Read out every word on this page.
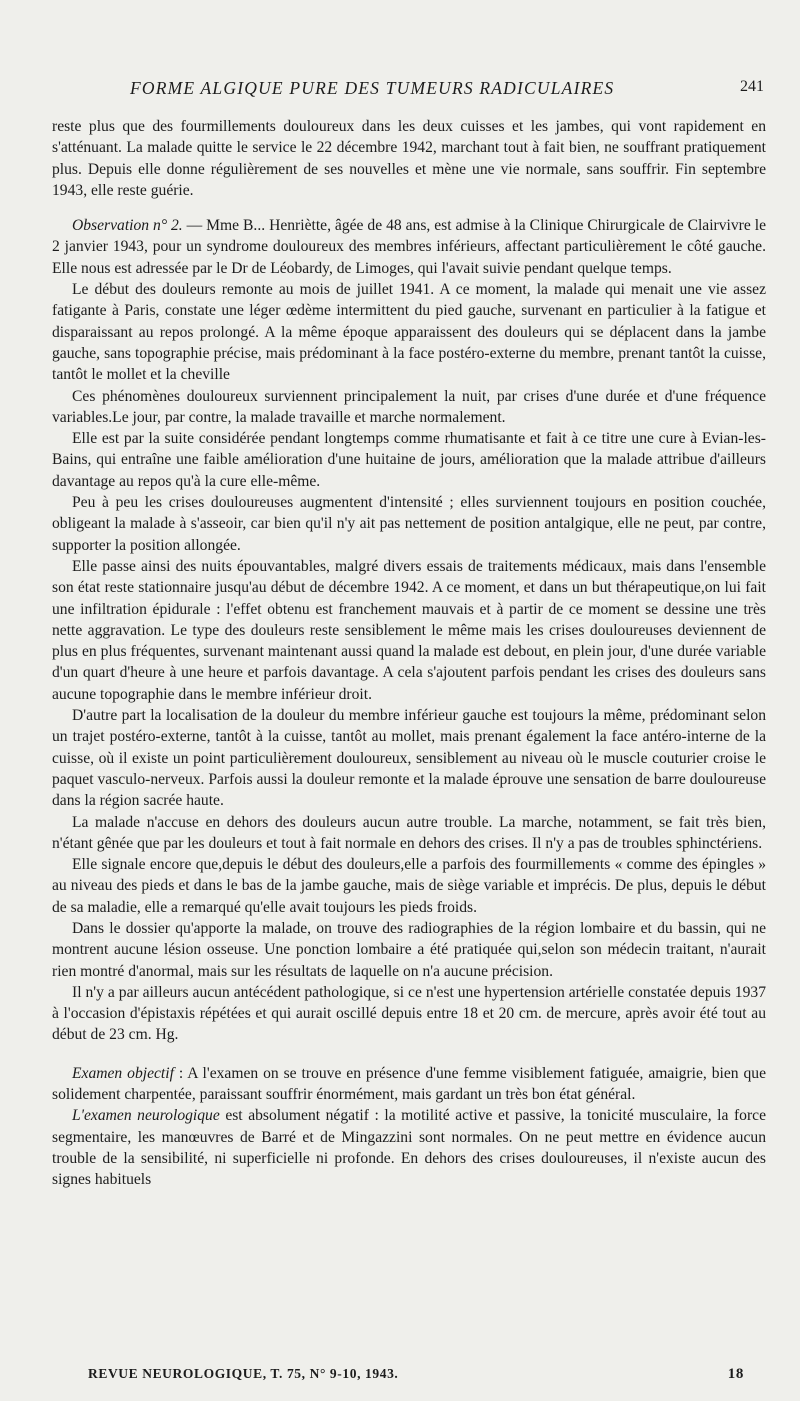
FORME ALGIQUE PURE DES TUMEURS RADICULAIRES	241

reste plus que des fourmillements douloureux dans les deux cuisses et les jambes, qui vont rapidement en s'atténuant. La malade quitte le service le 22 décembre 1942, marchant tout à fait bien, ne souffrant pratiquement plus. Depuis elle donne régulièrement de ses nouvelles et mène une vie normale, sans souffrir. Fin septembre 1943, elle reste guérie.

Observation n° 2. — Mme B... Henriètte, âgée de 48 ans, est admise à la Clinique Chirurgicale de Clairvivre le 2 janvier 1943, pour un syndrome douloureux des membres inférieurs, affectant particulièrement le côté gauche. Elle nous est adressée par le Dr de Léobardy, de Limoges, qui l'avait suivie pendant quelque temps.

Le début des douleurs remonte au mois de juillet 1941. A ce moment, la malade qui menait une vie assez fatigante à Paris, constate une léger œdème intermittent du pied gauche, survenant en particulier à la fatigue et disparaissant au repos prolongé. A la même époque apparaissent des douleurs qui se déplacent dans la jambe gauche, sans topographie précise, mais prédominant à la face postéro-externe du membre, prenant tantôt la cuisse, tantôt le mollet et la cheville

Ces phénomènes douloureux surviennent principalement la nuit, par crises d'une durée et d'une fréquence variables.Le jour, par contre, la malade travaille et marche normalement.

Elle est par la suite considérée pendant longtemps comme rhumatisante et fait à ce titre une cure à Evian-les-Bains, qui entraîne une faible amélioration d'une huitaine de jours, amélioration que la malade attribue d'ailleurs davantage au repos qu'à la cure elle-même.

Peu à peu les crises douloureuses augmentent d'intensité ; elles surviennent toujours en position couchée, obligeant la malade à s'asseoir, car bien qu'il n'y ait pas nettement de position antalgique, elle ne peut, par contre, supporter la position allongée.

Elle passe ainsi des nuits épouvantables, malgré divers essais de traitements médicaux, mais dans l'ensemble son état reste stationnaire jusqu'au début de décembre 1942. A ce moment, et dans un but thérapeutique,on lui fait une infiltration épidurale : l'effet obtenu est franchement mauvais et à partir de ce moment se dessine une très nette aggravation. Le type des douleurs reste sensiblement le même mais les crises douloureuses deviennent de plus en plus fréquentes, survenant maintenant aussi quand la malade est debout, en plein jour, d'une durée variable d'un quart d'heure à une heure et parfois davantage. A cela s'ajoutent parfois pendant les crises des douleurs sans aucune topographie dans le membre inférieur droit.

D'autre part la localisation de la douleur du membre inférieur gauche est toujours la même, prédominant selon un trajet postéro-externe, tantôt à la cuisse, tantôt au mollet, mais prenant également la face antéro-interne de la cuisse, où il existe un point particulièrement douloureux, sensiblement au niveau où le muscle couturier croise le paquet vasculo-nerveux. Parfois aussi la douleur remonte et la malade éprouve une sensation de barre douloureuse dans la région sacrée haute.

La malade n'accuse en dehors des douleurs aucun autre trouble. La marche, notamment, se fait très bien, n'étant gênée que par les douleurs et tout à fait normale en dehors des crises. Il n'y a pas de troubles sphinctériens.

Elle signale encore que,depuis le début des douleurs,elle a parfois des fourmillements « comme des épingles » au niveau des pieds et dans le bas de la jambe gauche, mais de siège variable et imprécis. De plus, depuis le début de sa maladie, elle a remarqué qu'elle avait toujours les pieds froids.

Dans le dossier qu'apporte la malade, on trouve des radiographies de la région lombaire et du bassin, qui ne montrent aucune lésion osseuse. Une ponction lombaire a été pratiquée qui,selon son médecin traitant, n'aurait rien montré d'anormal, mais sur les résultats de laquelle on n'a aucune précision.

Il n'y a par ailleurs aucun antécédent pathologique, si ce n'est une hypertension artérielle constatée depuis 1937 à l'occasion d'épistaxis répétées et qui aurait oscillé depuis entre 18 et 20 cm. de mercure, après avoir été tout au début de 23 cm. Hg.

Examen objectif : A l'examen on se trouve en présence d'une femme visiblement fatiguée, amaigrie, bien que solidement charpentée, paraissant souffrir énormément, mais gardant un très bon état général.

L'examen neurologique est absolument négatif : la motilité active et passive, la tonicité musculaire, la force segmentaire, les manœuvres de Barré et de Mingazzini sont normales. On ne peut mettre en évidence aucun trouble de la sensibilité, ni superficielle ni profonde. En dehors des crises douloureuses, il n'existe aucun des signes habituels

REVUE NEUROLOGIQUE, T. 75, N° 9-10, 1943.	18
